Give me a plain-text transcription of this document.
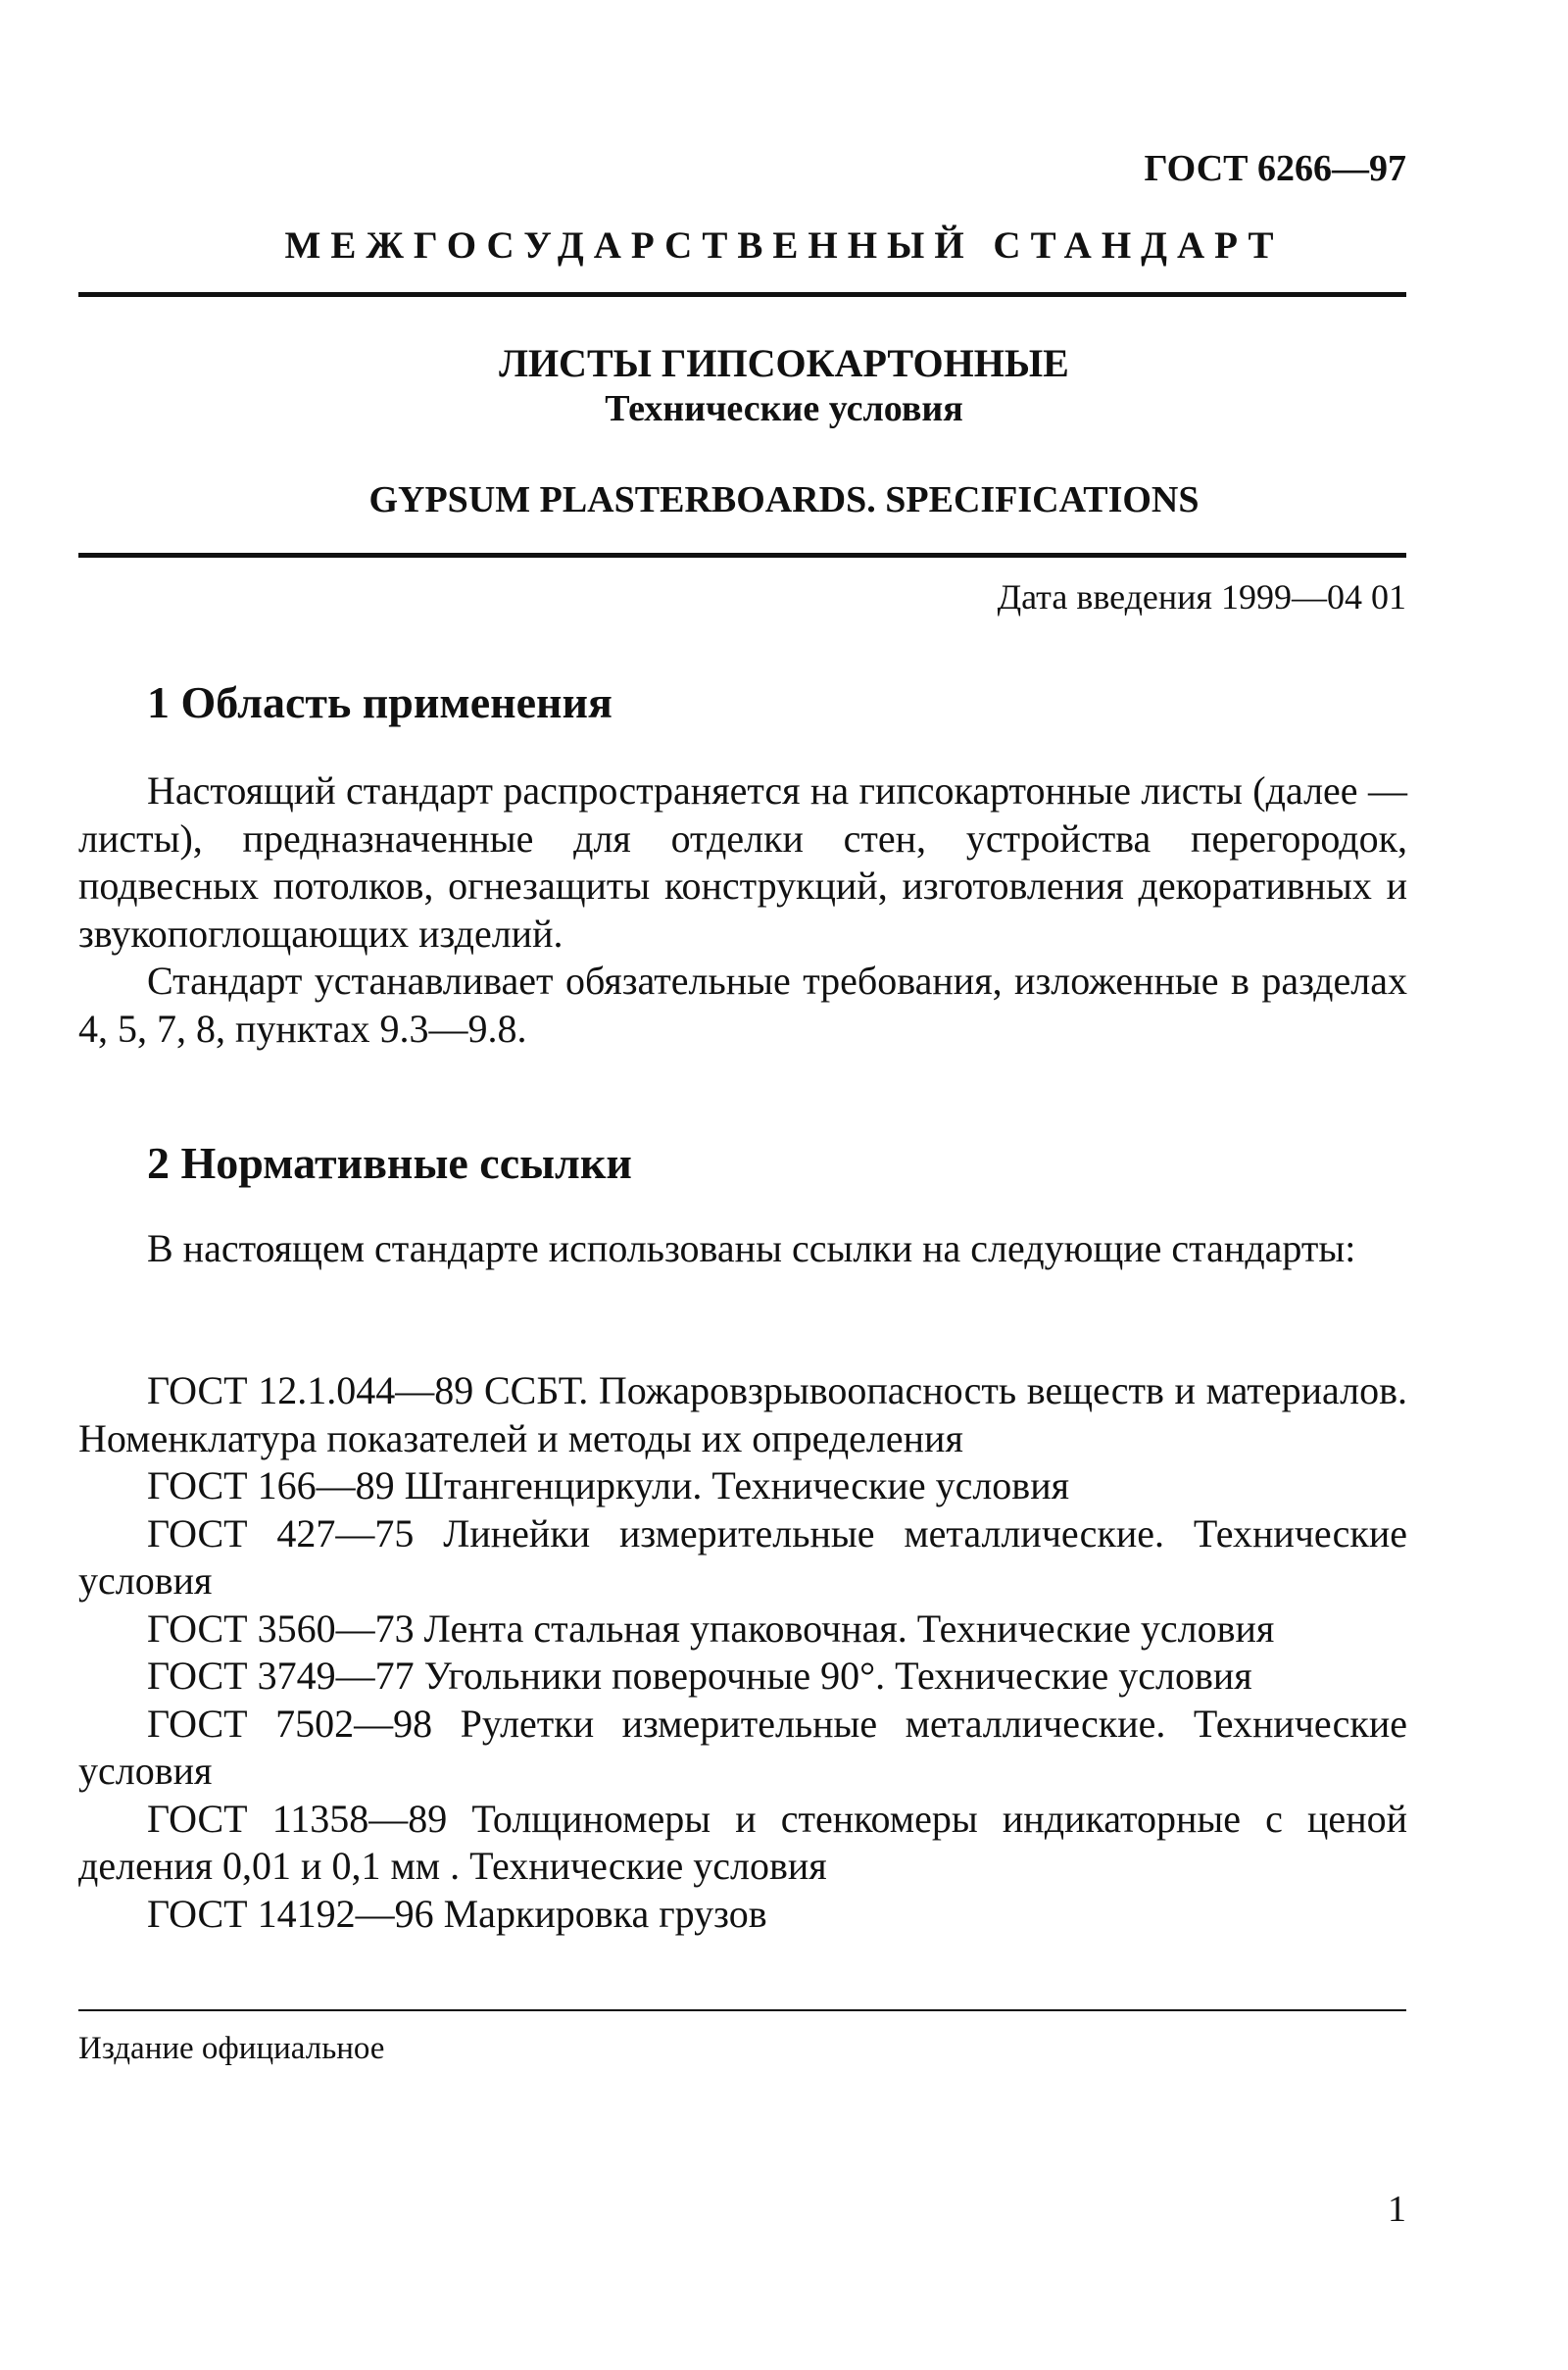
ГОСТ 6266—97

МЕЖГОСУДАРСТВЕННЫЙ СТАНДАРТ

ЛИСТЫ ГИПСОКАРТОННЫЕ
Технические условия

GYPSUM PLASTERBOARDS. SPECIFICATIONS

Дата введения 1999—04 01

1 Область применения

Настоящий стандарт распространяется на гипсокартонные листы (далее — листы), предназначенные для отделки стен, устройства перегородок, подвесных потолков, огнезащиты конструкций, изготовления декоративных и звукопоглощающих изделий.

Стандарт устанавливает обязательные требования, изложенные в разделах 4, 5, 7, 8, пунктах 9.3—9.8.

2 Нормативные ссылки

В настоящем стандарте использованы ссылки на следующие стандарты:

ГОСТ 12.1.044—89 ССБТ. Пожаровзрывоопасность веществ и материалов. Номенклатура показателей и методы их определения

ГОСТ 166—89 Штангенциркули. Технические условия

ГОСТ 427—75 Линейки измерительные металлические. Технические условия

ГОСТ 3560—73 Лента стальная упаковочная. Технические условия

ГОСТ 3749—77 Угольники поверочные 90°. Технические условия

ГОСТ 7502—98 Рулетки измерительные металлические. Технические условия

ГОСТ 11358—89 Толщиномеры и стенкомеры индикаторные с ценой деления 0,01 и 0,1 мм . Технические условия

ГОСТ 14192—96 Маркировка грузов

Издание официальное

1
